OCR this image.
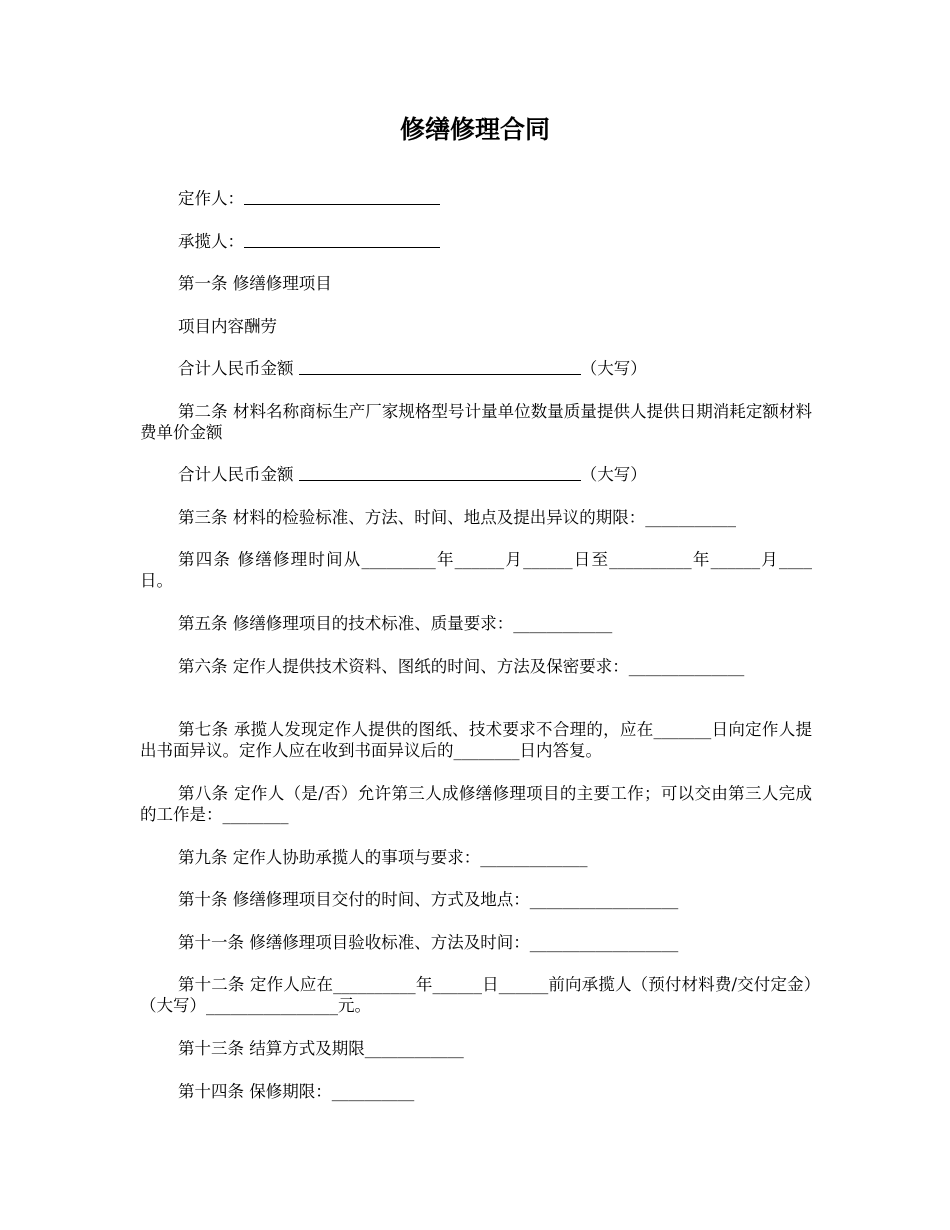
修缮修理合同
定作人：
承揽人：
第一条 修缮修理项目
项目内容酬劳
合计人民币金额	（大写）
第二条 材料名称商标生产厂家规格型号计量单位数量质量提供人提供日期消耗定额材料费单价金额
合计人民币金额	（大写）
第三条 材料的检验标准、方法、时间、地点及提出异议的期限：___________
第四条 修缮修理时间从_________年______月______日至__________年______月____日。
第五条 修缮修理项目的技术标准、质量要求：____________
第六条 定作人提供技术资料、图纸的时间、方法及保密要求：______________
第七条 承揽人发现定作人提供的图纸、技术要求不合理的，应在_______日向定作人提出书面异议。定作人应在收到书面异议后的________日内答复。
第八条 定作人（是/否）允许第三人成修缮修理项目的主要工作；可以交由第三人完成的工作是：________
第九条 定作人协助承揽人的事项与要求：_____________
第十条 修缮修理项目交付的时间、方式及地点：__________________
第十一条 修缮修理项目验收标准、方法及时间：__________________
第十二条 定作人应在__________年______日______前向承揽人（预付材料费/交付定金）（大写）________________元。
第十三条 结算方式及期限____________
第十四条 保修期限：__________
